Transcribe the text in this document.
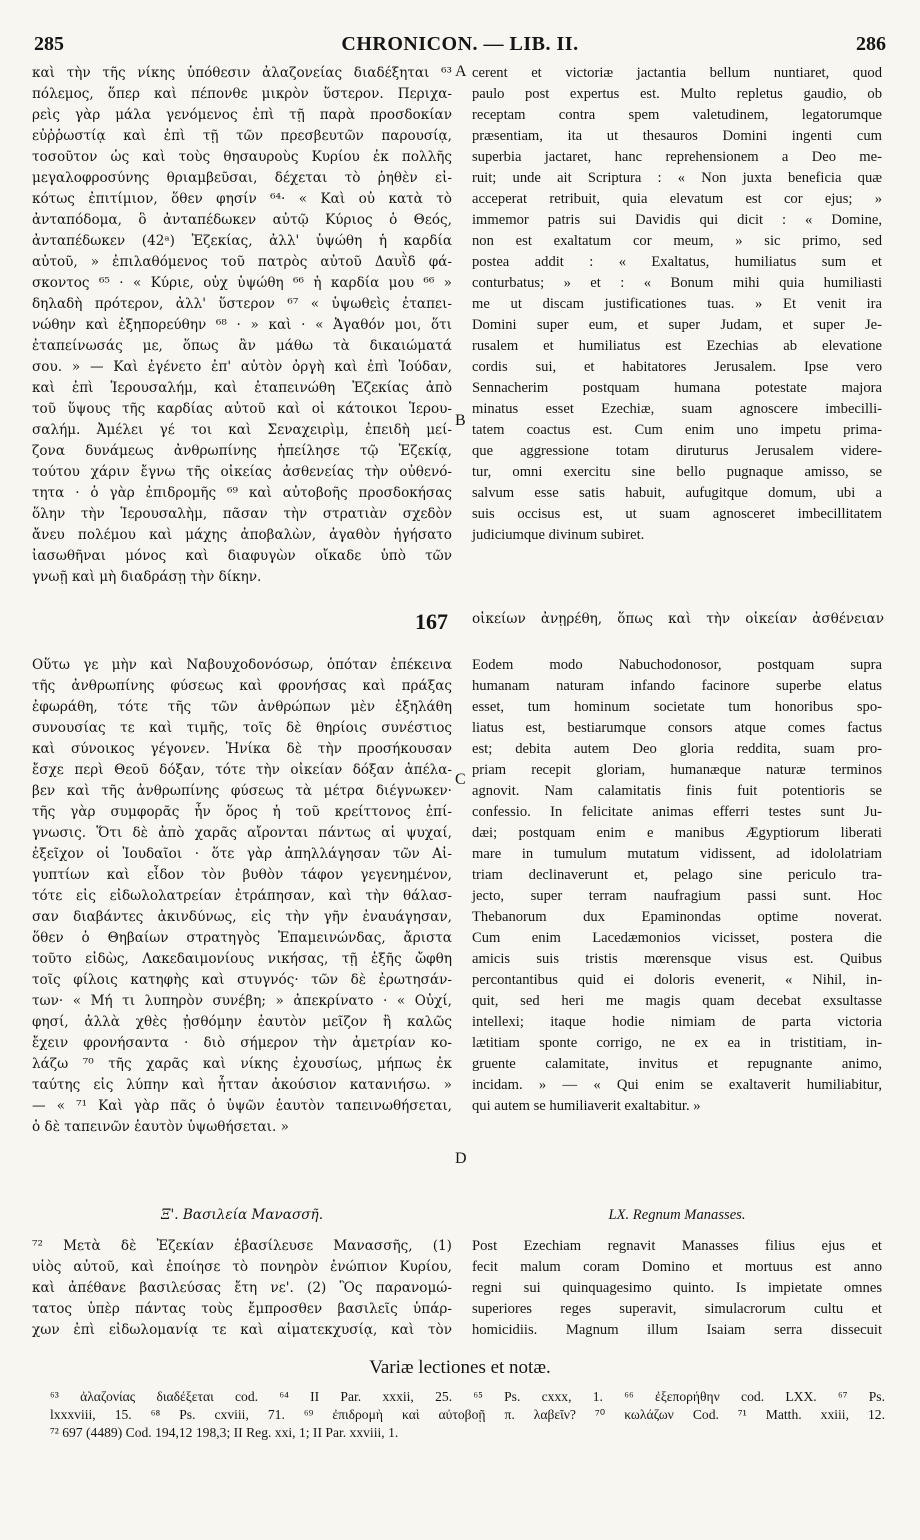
285	CHRONICON. — LIB. II.	286

καὶ τὴν τῆς νίκης ὑπόθεσιν ἀλαζονείας διαδέξηται ⁶³

πόλεμος, ὅπερ καὶ πέπονθε μικρὸν ὕστερον. Περιχα-

ρεὶς γὰρ μάλα γενόμενος ἐπὶ τῇ παρὰ προσδοκίαν

εὐῤῥωστίᾳ καὶ ἐπὶ τῇ τῶν πρεσβευτῶν παρουσίᾳ,

τοσοῦτον ὡς καὶ τοὺς θησαυροὺς Κυρίου ἐκ πολλῆς

μεγαλοφροσύνης θριαμβεῦσαι, δέχεται τὸ ῥηθὲν εἰ-

κότως ἐπιτίμιον, ὅθεν φησίν ⁶⁴· « Καὶ οὐ κατὰ τὸ

ἀνταπόδομα, ὃ ἀνταπέδωκεν αὐτῷ Κύριος ὁ Θεός,

ἀνταπέδωκεν (42ᵃ) Ἐζεκίας, ἀλλ' ὑψώθη ἡ καρδία

αὐτοῦ, » ἐπιλαθόμενος τοῦ πατρὸς αὐτοῦ Δαυῒδ φά-

σκοντος ⁶⁵ · « Κύριε, οὐχ ὑψώθη ⁶⁶ ἡ καρδία μου ⁶⁶ »

δηλαδὴ πρότερον, ἀλλ' ὕστερον ⁶⁷ « ὑψωθεὶς ἐταπει-

νώθην καὶ ἐξηπορεύθην ⁶⁸ · » καὶ · « Ἀγαθόν μοι, ὅτι

ἐταπείνωσάς με, ὅπως ἂν μάθω τὰ δικαιώματά

σου. » — Καὶ ἐγένετο ἐπ' αὐτὸν ὀργὴ καὶ ἐπὶ Ἰούδαν,

καὶ ἐπὶ Ἱερουσαλήμ, καὶ ἐταπεινώθη Ἐζεκίας ἀπὸ

τοῦ ὕψους τῆς καρδίας αὐτοῦ καὶ οἱ κάτοικοι Ἱερου-

σαλήμ. Ἀμέλει γέ τοι καὶ Σεναχειρὶμ, ἐπειδὴ μεί-

ζονα δυνάμεως ἀνθρωπίνης ἠπείλησε τῷ Ἐζεκίᾳ,

τούτου χάριν ἔγνω τῆς οἰκείας ἀσθενείας τὴν οὐθενό-

τητα · ὁ γὰρ ἐπιδρομῆς ⁶⁹ καὶ αὐτοβοῆς προσδοκήσας

ὅλην τὴν Ἱερουσαλὴμ, πᾶσαν τὴν στρατιὰν σχεδὸν

ἄνευ πολέμου καὶ μάχης ἀποβαλὼν, ἀγαθὸν ἡγήσατο

ἰασωθῆναι μόνος καὶ διαφυγὼν οἴκαδε ὑπὸ τῶν

γνωῇ καὶ μὴ διαδράσῃ τὴν δίκην.

cerent et victoriæ jactantia bellum nuntiaret, quod

paulo post expertus est. Multo repletus gaudio, ob

receptam contra spem valetudinem, legatorumque

præsentiam, ita ut thesauros Domini ingenti cum

superbia jactaret, hanc reprehensionem a Deo me-

ruit; unde ait Scriptura : « Non juxta beneficia quæ

acceperat retribuit, quia elevatum est cor ejus; »

immemor patris sui Davidis qui dicit : « Domine,

non est exaltatum cor meum, » sic primo, sed

postea addit : « Exaltatus, humiliatus sum et

conturbatus; » et : « Bonum mihi quia humiliasti

me ut discam justificationes tuas. » Et venit ira

Domini super eum, et super Judam, et super Je-

rusalem et humiliatus est Ezechias ab elevatione

cordis sui, et habitatores Jerusalem. Ipse vero

Sennacherim postquam humana potestate majora

minatus esset Ezechiæ, suam agnoscere imbecilli-

tatem coactus est. Cum enim uno impetu prima-

que aggressione totam diruturus Jerusalem videre-

tur, omni exercitu sine bello pugnaque amisso, se

salvum esse satis habuit, aufugitque domum, ubi a

suis occisus est, ut suam agnosceret imbecillitatem

judiciumque divinum subiret.

A
B
C
D
167 οἰκείων ἀνῃρέθη, ὅπως καὶ τὴν οἰκείαν ἀσθένειαν

Οὕτω γε μὴν καὶ Ναβουχοδονόσωρ, ὁπόταν ἐπέκεινα

τῆς ἀνθρωπίνης φύσεως καὶ φρονήσας καὶ πράξας

ἐφωράθη, τότε τῆς τῶν ἀνθρώπων μὲν ἐξηλάθη

συνουσίας τε καὶ τιμῆς, τοῖς δὲ θηρίοις συνέστιος

καὶ σύνοικος γέγονεν. Ἡνίκα δὲ τὴν προσήκουσαν

ἔσχε περὶ Θεοῦ δόξαν, τότε τὴν οἰκείαν δόξαν ἀπέλα-

βεν καὶ τῆς ἀνθρωπίνης φύσεως τὰ μέτρα διέγνωκεν·

τῆς γὰρ συμφορᾶς ἦν ὅρος ἡ τοῦ κρείττονος ἐπί-

γνωσις. Ὅτι δὲ ἀπὸ χαρᾶς αἴρονται πάντως αἱ ψυχαί,

ἐξεῖχον οἱ Ἰουδαῖοι · ὅτε γὰρ ἀπηλλάγησαν τῶν Αἰ-

γυπτίων καὶ εἶδον τὸν βυθὸν τάφον γεγενημένον,

τότε εἰς εἰδωλολατρείαν ἐτράπησαν, καὶ τὴν θάλασ-

σαν διαβάντες ἀκινδύνως, εἰς τὴν γῆν ἐναυάγησαν,

ὅθεν ὁ Θηβαίων στρατηγὸς Ἐπαμεινώνδας, ἄριστα

τοῦτο εἰδὼς, Λακεδαιμονίους νικήσας, τῇ ἑξῆς ὤφθη

τοῖς φίλοις κατηφὴς καὶ στυγνός· τῶν δὲ ἐρωτησάν-

των· « Μή τι λυπηρὸν συνέβη; » ἀπεκρίνατο · « Οὐχί,

φησί, ἀλλὰ χθὲς ᾐσθόμην ἑαυτὸν μεῖζον ἢ καλῶς

ἔχειν φρονήσαντα · διὸ σήμερον τὴν ἀμετρίαν κο-

λάζω ⁷⁰ τῆς χαρᾶς καὶ νίκης ἐχουσίως, μήπως ἐκ

ταύτης εἰς λύπην καὶ ἧτταν ἀκούσιον κατανιήσω. »

— « ⁷¹ Καὶ γὰρ πᾶς ὁ ὑψῶν ἑαυτὸν ταπεινωθήσεται,

ὁ δὲ ταπεινῶν ἑαυτὸν ὑψωθήσεται. »

Eodem modo Nabuchodonosor, postquam supra

humanam naturam infando facinore superbe elatus

esset, tum hominum societate tum honoribus spo-

liatus est, bestiarumque consors atque comes factus

est; debita autem Deo gloria reddita, suam pro-

priam recepit gloriam, humanæque naturæ terminos

agnovit. Nam calamitatis finis fuit potentioris se

confessio. In felicitate animas efferri testes sunt Ju-

dæi; postquam enim e manibus Ægyptiorum liberati

mare in tumulum mutatum vidissent, ad idololatriam

triam declinaverunt et, pelago sine periculo tra-

jecto, super terram naufragium passi sunt. Hoc

Thebanorum dux Epaminondas optime noverat.

Cum enim Lacedæmonios vicisset, postera die

amicis suis tristis mœrensque visus est. Quibus

percontantibus quid ei doloris evenerit, « Nihil, in-

quit, sed heri me magis quam decebat exsultasse

intellexi; itaque hodie nimiam de parta victoria

lætitiam sponte corrigo, ne ex ea in tristitiam, in-

gruente calamitate, invitus et repugnante animo,

incidam. » — « Qui enim se exaltaverit humiliabitur,

qui autem se humiliaverit exaltabitur. »

Ξ'. Βασιλεία Μανασσῆ.	LX. Regnum Manasses.

⁷² Μετὰ δὲ Ἐζεκίαν ἐβασίλευσε Μανασσῆς, (1)

υἱὸς αὐτοῦ, καὶ ἐποίησε τὸ πονηρὸν ἐνώπιον Κυρίου,

καὶ ἀπέθανε βασιλεύσας ἔτη νε'. (2) Ὃς παρανομώ-

τατος ὑπὲρ πάντας τοὺς ἔμπροσθεν βασιλεῖς ὑπάρ-

χων ἐπὶ εἰδωλομανίᾳ τε καὶ αἱματεκχυσίᾳ, καὶ τὸν

Post Ezechiam regnavit Manasses filius ejus et

fecit malum coram Domino et mortuus est anno

regni sui quinquagesimo quinto. Is impietate omnes

superiores reges superavit, simulacrorum cultu et

homicidiis. Magnum illum Isaiam serra dissecuit

Variæ lectiones et notæ.

⁶³ ἀλαζονίας διαδέξεται cod. ⁶⁴ II Par. xxxii, 25. ⁶⁵ Ps. cxxx, 1. ⁶⁶ ἐξεπορήθην cod. LXX. ⁶⁷ Ps.

lxxxviii, 15. ⁶⁸ Ps. cxviii, 71. ⁶⁹ ἐπιδρομὴ καὶ αὐτοβοῇ π. λαβεῖν? ⁷⁰ κωλάζων Cod. ⁷¹ Matth. xxiii, 12.

⁷² 697 (4489) Cod. 194,12 198,3; II Reg. xxi, 1; II Par. xxviii, 1.
